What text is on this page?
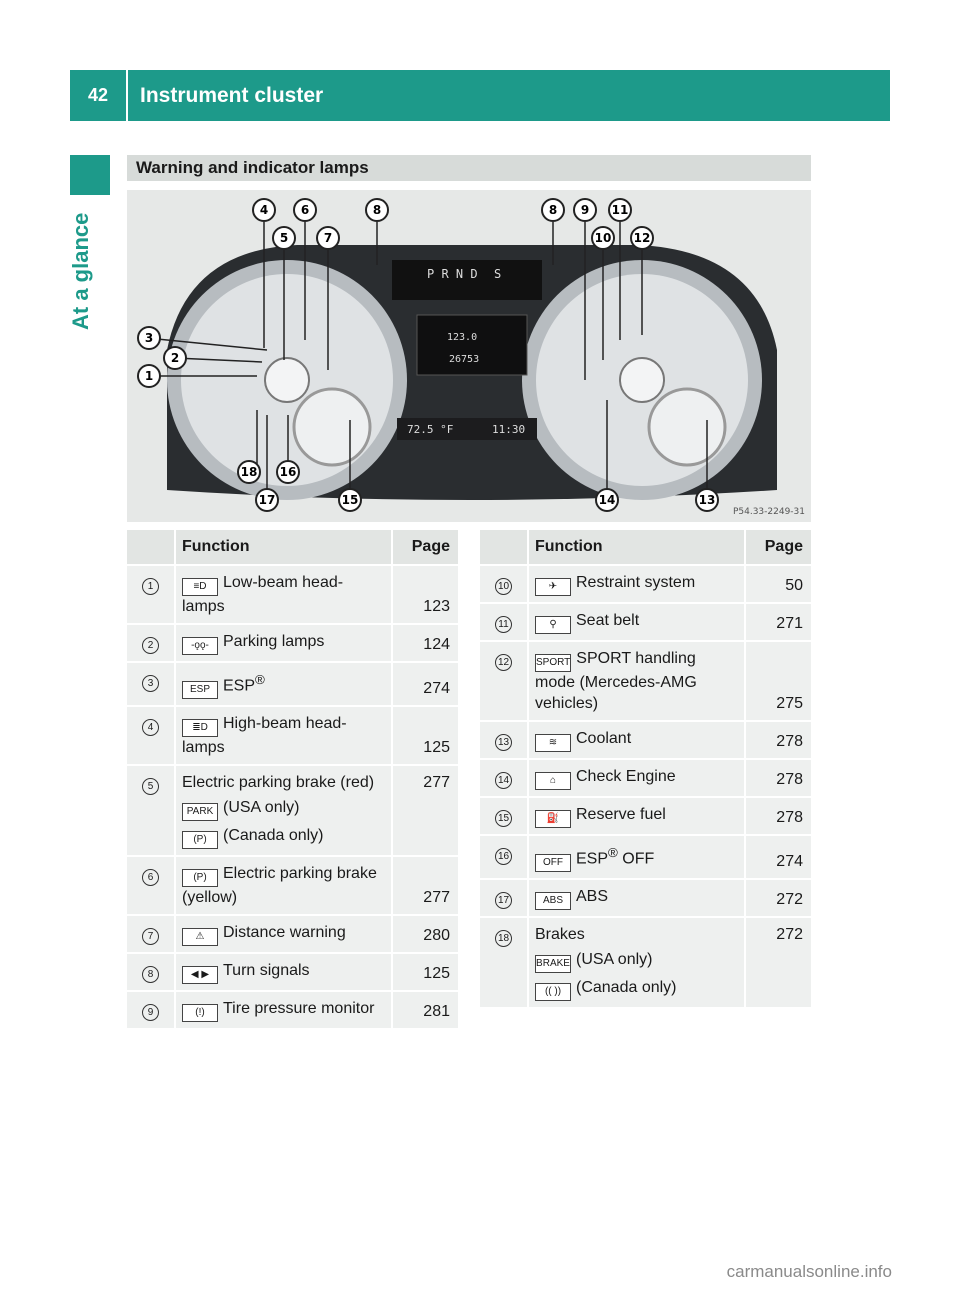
42	Instrument cluster
At a glance
Warning and indicator lamps
P R N D S
123.0
26753
72.5 °F	11:30
4
5
6
7
8	8 9
10
11
12
3
2
1
18 16
17	15	14	13
P54.33-2249-31
	Function	Page
1	≡D Low-beam head-lamps	123
2	-ǫǫ- Parking lamps	124
3	ESP ESP®	274
4	≣D High-beam head-lamps	125
5	Electric parking brake (red)
PARK (USA only)
(P) (Canada only)	277
6	(P) Electric parking brake (yellow)	277
7	⚠ Distance warning	280
8	◀ ▶ Turn signals	125
9	(!) Tire pressure monitor	281
	Function	Page
10	✈ Restraint system	50
11	⚲ Seat belt	271
12	SPORT SPORT handling mode (Mercedes-AMG vehicles)	275
13	≋ Coolant	278
14	⌂ Check Engine	278
15	⛽ Reserve fuel	278
16	OFF ESP® OFF	274
17	ABS ABS	272
18	Brakes
BRAKE (USA only)
(( )) (Canada only)	272
carmanualsonline.info
